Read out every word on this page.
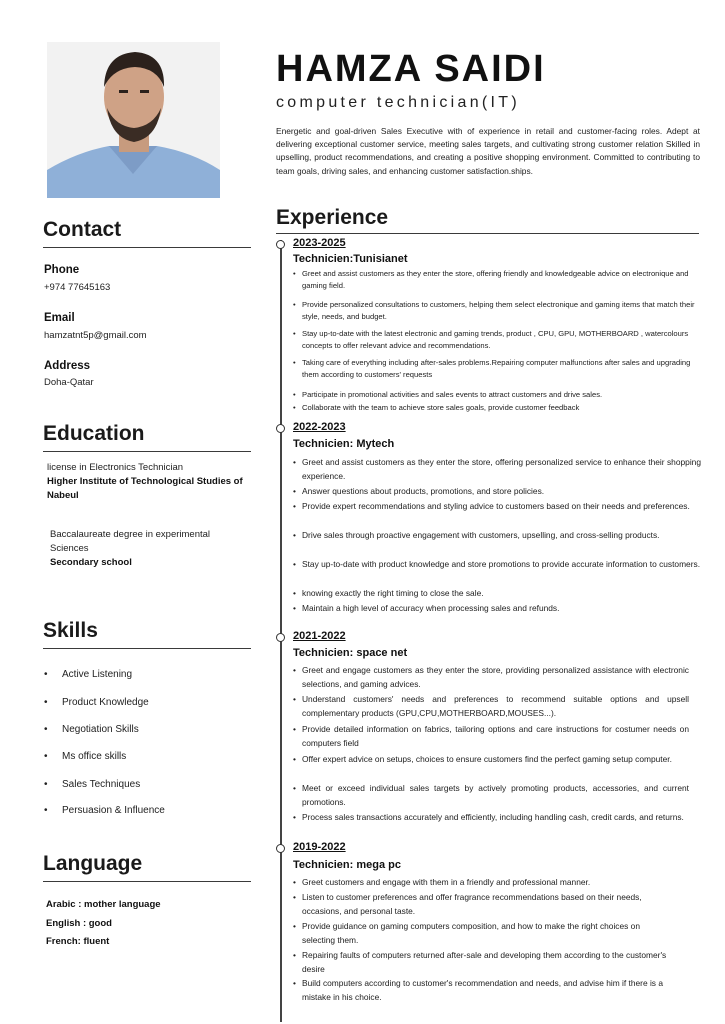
HAMZA SAIDI
computer technician(IT)
Energetic and goal-driven Sales Executive with of experience in retail and customer-facing roles. Adept at delivering exceptional customer service, meeting sales targets, and cultivating strong customer relation Skilled in upselling, product recommendations, and creating a positive shopping environment. Committed to contributing to team goals, driving sales, and enhancing customer satisfaction.ships.
Contact
Phone
+974 77645163
Email
hamzatnt5p@gmail.com
Address
Doha-Qatar
Education
license in Electronics Technician
Higher Institute of Technological Studies of Nabeul
Baccalaureate degree in experimental Sciences
Secondary school
Skills
• Active Listening
• Product Knowledge
• Negotiation Skills
• Ms office skills
• Sales Techniques
• Persuasion & Influence
Language
Arabic : mother language
English : good
French: fluent
Experience
2023-2025
Technicien:Tunisianet
• Greet and assist customers as they enter the store, offering friendly and knowledgeable advice on electronique and gaming field.
• Provide personalized consultations to customers, helping them select electronique and gaming items that match their style, needs, and budget.
• Stay up-to-date with the latest electronic and gaming trends, product , CPU, GPU, MOTHERBOARD , watercolours concepts to offer relevant advice and recommendations.
• Taking care of everything including after-sales problems.Repairing computer malfunctions after sales and upgrading them according to customers' requests
• Participate in promotional activities and sales events to attract customers and drive sales.
• Collaborate with the team to achieve store sales goals, provide customer feedback
2022-2023
Technicien: Mytech
• Greet and assist customers as they enter the store, offering personalized service to enhance their shopping experience.
• Answer questions about products, promotions, and store policies.
• Provide expert recommendations and styling advice to customers based on their needs and preferences.
• Drive sales through proactive engagement with customers, upselling, and cross-selling products.
• Stay up-to-date with product knowledge and store promotions to provide accurate information to customers.
• knowing exactly the right timing to close the sale.
• Maintain a high level of accuracy when processing sales and refunds.
2021-2022
Technicien: space net
• Greet and engage customers as they enter the store, providing personalized assistance with electronic selections, and gaming advices.
• Understand customers' needs and preferences to recommend suitable options and upsell complementary products (GPU,CPU,MOTHERBOARD,MOUSES...).
• Provide detailed information on fabrics, tailoring options and care instructions for costumer needs on computers field
• Offer expert advice on setups, choices to ensure customers find the perfect gaming setup computer.
• Meet or exceed individual sales targets by actively promoting products, accessories, and current promotions.
• Process sales transactions accurately and efficiently, including handling cash, credit cards, and returns.
2019-2022
Technicien: mega pc
• Greet customers and engage with them in a friendly and professional manner.
• Listen to customer preferences and offer fragrance recommendations based on their needs, occasions, and personal taste.
• Provide guidance on gaming computers composition, and how to make the right choices on selecting them.
• Repairing faults of computers returned after-sale and developing them according to the customer's desire
• Build computers according to customer's recommendation and needs, and advise him if there is a mistake in his choice.
